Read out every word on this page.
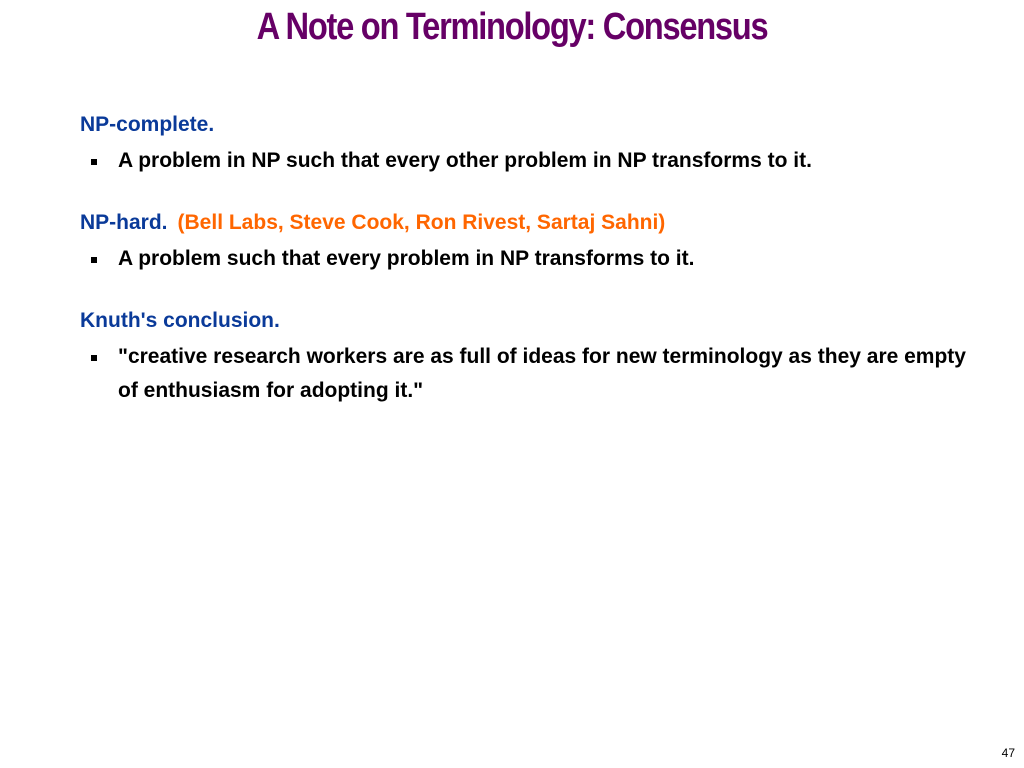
A Note on Terminology: Consensus
NP-complete.
A problem in NP such that every other problem in NP transforms to it.
NP-hard. (Bell Labs, Steve Cook, Ron Rivest, Sartaj Sahni)
A problem such that every problem in NP transforms to it.
Knuth's conclusion.
"creative research workers are as full of ideas for new terminology as they are empty of enthusiasm for adopting it."
47
